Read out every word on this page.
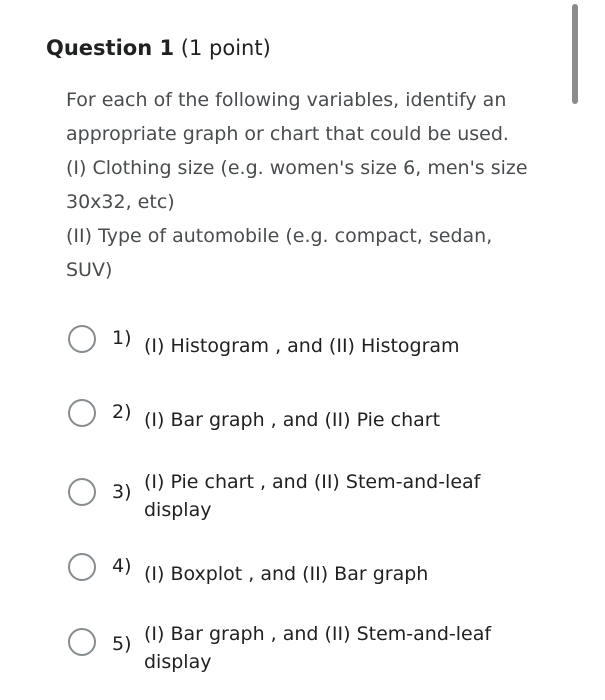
Question 1 (1 point)
For each of the following variables, identify an
appropriate graph or chart that could be used.
(I) Clothing size (e.g. women's size 6, men's size
30x32, etc)
(II) Type of automobile (e.g. compact, sedan,
SUV)
1) (I) Histogram , and (II) Histogram
2) (I) Bar graph , and (II) Pie chart
3) (I) Pie chart , and (II) Stem-and-leaf
display
4) (I) Boxplot , and (II) Bar graph
5) (I) Bar graph , and (II) Stem-and-leaf
display
